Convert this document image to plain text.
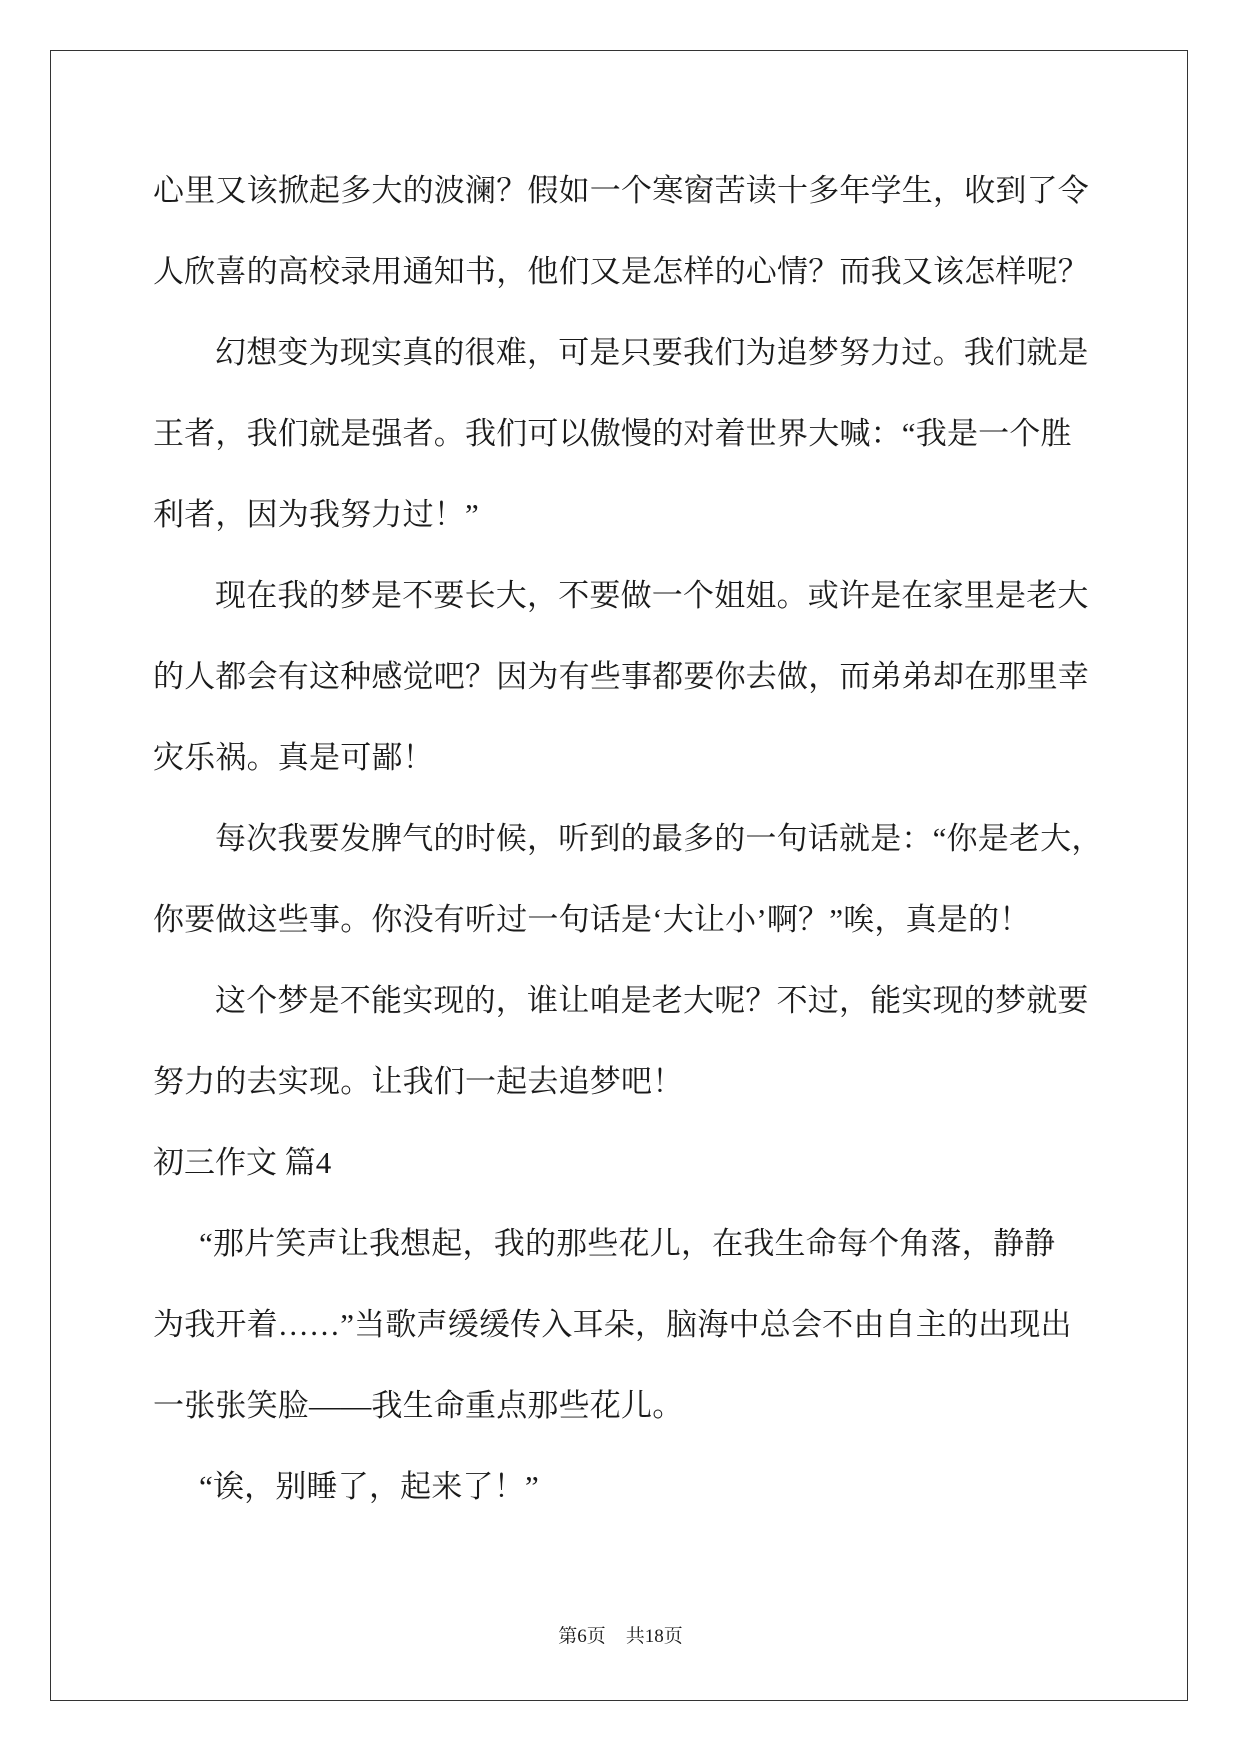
心里又该掀起多大的波澜？假如一个寒窗苦读十多年学生，收到了令
人欣喜的高校录用通知书，他们又是怎样的心情？而我又该怎样呢？
幻想变为现实真的很难，可是只要我们为追梦努力过。我们就是
王者，我们就是强者。我们可以傲慢的对着世界大喊：“我是一个胜
利者，因为我努力过！”
现在我的梦是不要长大，不要做一个姐姐。或许是在家里是老大
的人都会有这种感觉吧？因为有些事都要你去做，而弟弟却在那里幸
灾乐祸。真是可鄙！
每次我要发脾气的时候，听到的最多的一句话就是：“你是老大，
你要做这些事。你没有听过一句话是‘大让小’啊？”唉，真是的！
这个梦是不能实现的，谁让咱是老大呢？不过，能实现的梦就要
努力的去实现。让我们一起去追梦吧！
初三作文 篇4
“那片笑声让我想起，我的那些花儿，在我生命每个角落，静静
为我开着……”当歌声缓缓传入耳朵，脑海中总会不由自主的出现出
一张张笑脸——我生命重点那些花儿。
“诶，别睡了，起来了！”
第6页 共18页
